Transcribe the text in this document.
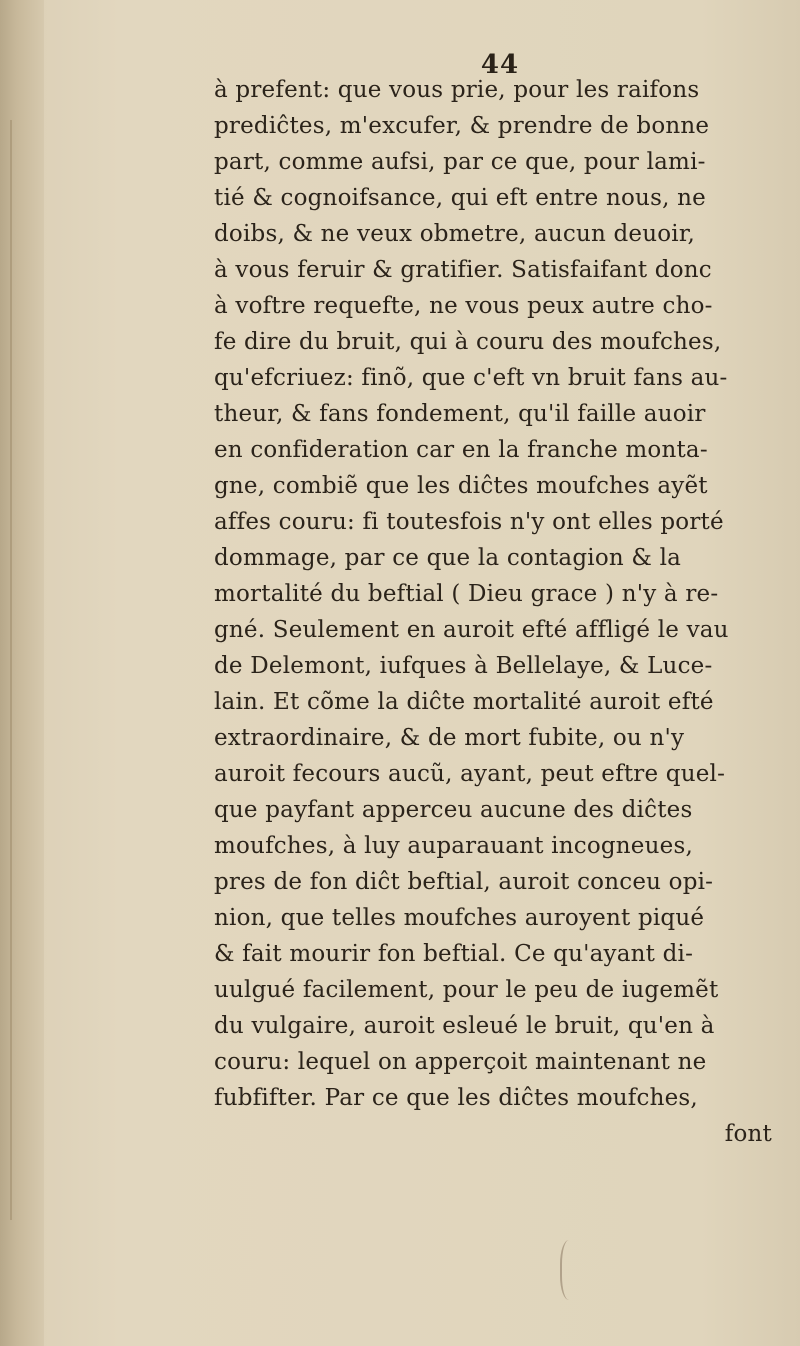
44
à prefent: que vous prie, pour les raifons
prediĉtes, m'excufer, & prendre de bonne
part, comme aufsi, par ce que, pour lami-
tié & cognoifsance, qui eft entre nous, ne
doibs, & ne veux obmetre, aucun deuoir,
à vous feruir & gratifier. Satisfaifant donc
à voftre requefte, ne vous peux autre cho-
fe dire du bruit, qui à couru des moufches,
qu'efcriuez: finõ, que c'eft vn bruit fans au-
theur, & fans fondement, qu'il faille auoir
en confideration car en la franche monta-
gne, combiẽ que les diĉtes moufches ayẽt
affes couru: fi toutesfois n'y ont elles porté
dommage, par ce que la contagion & la
mortalité du beftial ( Dieu grace ) n'y à re-
gné. Seulement en auroit efté affligé le vau
de Delemont, iufques à Bellelaye, & Luce-
lain. Et cõme la diĉte mortalité auroit efté
extraordinaire, & de mort fubite, ou n'y
auroit fecours aucũ, ayant, peut eftre quel-
que payfant apperceu aucune des diĉtes
moufches, à luy auparauant incogneues,
pres de fon diĉt beftial, auroit conceu opi-
nion, que telles moufches auroyent piqué
& fait mourir fon beftial. Ce qu'ayant di-
uulgué facilement, pour le peu de iugemẽt
du vulgaire, auroit esleué le bruit, qu'en à
couru: lequel on apperçoit maintenant ne
fubfifter. Par ce que les diĉtes moufches,
font
